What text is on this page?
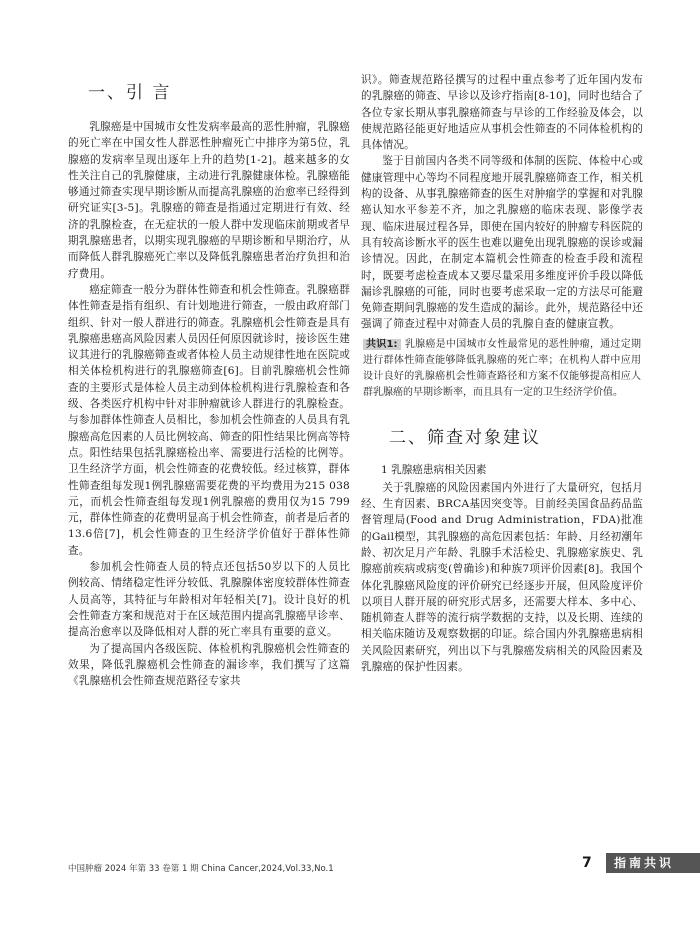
一、引 言

乳腺癌是中国城市女性发病率最高的恶性肿瘤，乳腺癌的死亡率在中国女性人群恶性肿瘤死亡中排序为第5位，乳腺癌的发病率呈现出逐年上升的趋势[1-2]。越来越多的女性关注自己的乳腺健康，主动进行乳腺健康体检。乳腺癌能够通过筛查实现早期诊断从而提高乳腺癌的治愈率已经得到研究证实[3-5]。乳腺癌的筛查是指通过定期进行有效、经济的乳腺检查，在无症状的一般人群中发现临床前期或者早期乳腺癌患者，以期实现乳腺癌的早期诊断和早期治疗，从而降低人群乳腺癌死亡率以及降低乳腺癌患者治疗负担和治疗费用。

癌症筛查一般分为群体性筛查和机会性筛查。乳腺癌群体性筛查是指有组织、有计划地进行筛查，一般由政府部门组织、针对一般人群进行的筛查。乳腺癌机会性筛查是具有乳腺癌患癌高风险因素人员因任何原因就诊时，接诊医生建议其进行的乳腺癌筛查或者体检人员主动规律性地在医院或相关体检机构进行的乳腺癌筛查[6]。目前乳腺癌机会性筛查的主要形式是体检人员主动到体检机构进行乳腺检查和各级、各类医疗机构中针对非肿瘤就诊人群进行的乳腺检查。与参加群体性筛查人员相比，参加机会性筛查的人员具有乳腺癌高危因素的人员比例较高、筛查的阳性结果比例高等特点。阳性结果包括乳腺癌检出率、需要进行活检的比例等。卫生经济学方面，机会性筛查的花费较低。经过核算，群体性筛查组每发现1例乳腺癌需要花费的平均费用为215 038元，而机会性筛查组每发现1例乳腺癌的费用仅为15 799元，群体性筛查的花费明显高于机会性筛查，前者是后者的13.6倍[7]，机会性筛查的卫生经济学价值好于群体性筛查。

参加机会性筛查人员的特点还包括50岁以下的人员比例较高、情绪稳定性评分较低、乳腺腺体密度较群体性筛查人员高等，其特征与年龄相对年轻相关[7]。设计良好的机会性筛查方案和规范对于在区域范围内提高乳腺癌早诊率、提高治愈率以及降低相对人群的死亡率具有重要的意义。

为了提高国内各级医院、体检机构乳腺癌机会性筛查的效果，降低乳腺癌机会性筛查的漏诊率，我们撰写了这篇《乳腺癌机会性筛查规范路径专家共

识》。筛查规范路径撰写的过程中重点参考了近年国内发布的乳腺癌的筛查、早诊以及诊疗指南[8-10]，同时也结合了各位专家长期从事乳腺癌筛查与早诊的工作经验及体会，以使规范路径能更好地适应从事机会性筛查的不同体检机构的具体情况。

鉴于目前国内各类不同等级和体制的医院、体检中心或健康管理中心等均不同程度地开展乳腺癌筛查工作，相关机构的设备、从事乳腺癌筛查的医生对肿瘤学的掌握和对乳腺癌认知水平参差不齐，加之乳腺癌的临床表现、影像学表现、临床进展过程各异，即使在国内较好的肿瘤专科医院的具有较高诊断水平的医生也难以避免出现乳腺癌的误诊或漏诊情况。因此，在制定本篇机会性筛查的检查手段和流程时，既要考虑检查成本又要尽量采用多维度评价手段以降低漏诊乳腺癌的可能，同时也要考虑采取一定的方法尽可能避免筛查期间乳腺癌的发生造成的漏诊。此外，规范路径中还强调了筛查过程中对筛查人员的乳腺自查的健康宣教。

共识1: 乳腺癌是中国城市女性最常见的恶性肿瘤，通过定期进行群体性筛查能够降低乳腺癌的死亡率；在机构人群中应用设计良好的乳腺癌机会性筛查路径和方案不仅能够提高相应人群乳腺癌的早期诊断率，而且具有一定的卫生经济学价值。
二、筛查对象建议
1 乳腺癌患病相关因素

关于乳腺癌的风险因素国内外进行了大量研究，包括月经、生育因素、BRCA基因突变等。目前经美国食品药品监督管理局(Food and Drug Administration，FDA)批准的Gail模型，其乳腺癌的高危因素包括：年龄、月经初潮年龄、初次足月产年龄、乳腺手术活检史、乳腺癌家族史、乳腺癌前疾病或病变(曾确诊)和种族7项评价因素[8]。我国个体化乳腺癌风险度的评价研究已经逐步开展，但风险度评价以项目人群开展的研究形式居多，还需要大样本、多中心、随机筛查人群等的流行病学数据的支持，以及长期、连续的相关临床随访及观察数据的印证。综合国内外乳腺癌患病相关风险因素研究，列出以下与乳腺癌发病相关的风险因素及乳腺癌的保护性因素。

中国肿瘤 2024 年第 33 卷第 1 期 China Cancer,2024,Vol.33,No.1	7	指南共识
